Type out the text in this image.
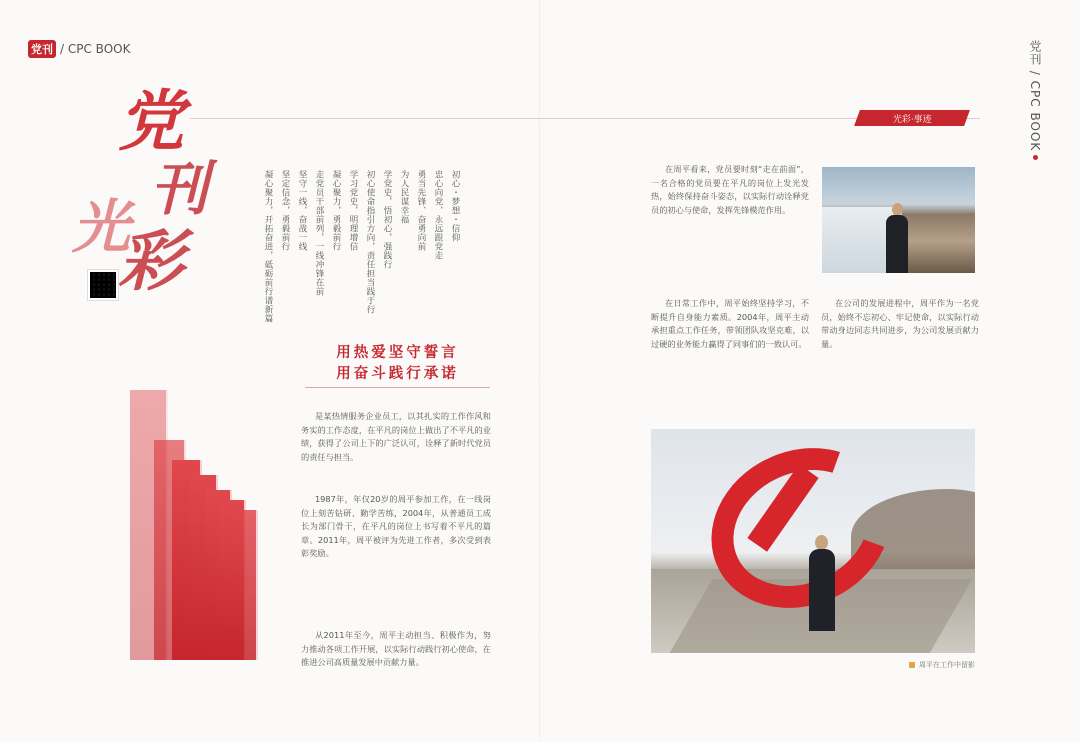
党刊 / CPC BOOK	党刊 / CPC BOOK
党
刊
光
彩
初心・梦想・信仰
忠心向党，永远跟党走
勇当先锋、奋勇向前
为人民谋幸福
学党史，悟初心，强践行
初心使命指引方向，责任担当践于行
学习党史，明理增信
凝心聚力，勇毅前行
走党员干部前列，一线冲锋在前
坚守一线，奋战一线
坚定信念，勇毅前行
凝心聚力，开拓奋进，砥砺前行谱新篇
用热爱坚守誓言
用奋斗践行承诺

是某热情服务企业员工，以其扎实的工作作风和务实的工作态度，在平凡的岗位上做出了不平凡的业绩，获得了公司上下的广泛认可，诠释了新时代党员的责任与担当。

1987年，年仅20岁的周平参加工作，在一线岗位上刻苦钻研、勤学苦练，2004年，从普通员工成长为部门骨干，在平凡的岗位上书写着不平凡的篇章。2011年，周平被评为先进工作者，多次受到表彰奖励。

从2011年至今，周平主动担当、积极作为，努力推动各项工作开展，以实际行动践行初心使命，在推进公司高质量发展中贡献力量。

光彩·事迹

在周平看来，党员要时刻“走在前面”，一名合格的党员要在平凡的岗位上发光发热，始终保持奋斗姿态，以实际行动诠释党员的初心与使命，发挥先锋模范作用。

在日常工作中，周平始终坚持学习，不断提升自身能力素质。2004年，周平主动承担重点工作任务，带领团队攻坚克难，以过硬的业务能力赢得了同事们的一致认可。

在公司的发展进程中，周平作为一名党员，始终不忘初心、牢记使命，以实际行动带动身边同志共同进步，为公司发展贡献力量。

周平在工作中留影
